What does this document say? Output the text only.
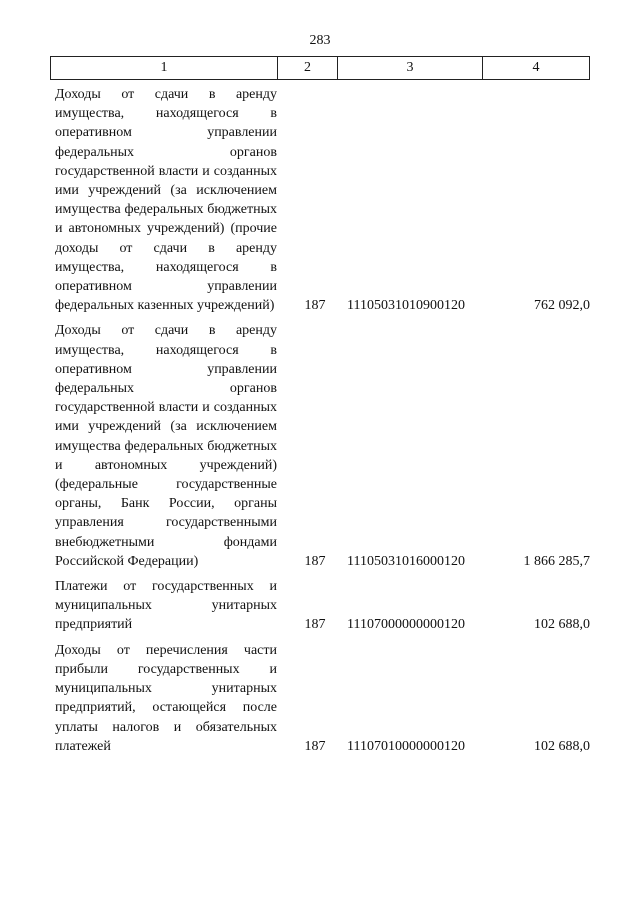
283
1	2	3	4
Доходы от сдачи в аренду имущества, находящегося в оперативном управлении федеральных органов государственной власти и созданных ими учреждений (за исключением имущества федеральных бюджетных и автономных учреждений) (прочие доходы от сдачи в аренду имущества, находящегося в оперативном управлении федеральных казенных учреждений)	187	11105031010900120	762 092,0
Доходы от сдачи в аренду имущества, находящегося в оперативном управлении федеральных органов государственной власти и созданных ими учреждений (за исключением имущества федеральных бюджетных и автономных учреждений) (федеральные государственные органы, Банк России, органы управления государственными внебюджетными фондами Российской Федерации)	187	11105031016000120	1 866 285,7
Платежи от государственных и муниципальных унитарных предприятий	187	11107000000000120	102 688,0
Доходы от перечисления части прибыли государственных и муниципальных унитарных предприятий, остающейся после уплаты налогов и обязательных платежей	187	11107010000000120	102 688,0
